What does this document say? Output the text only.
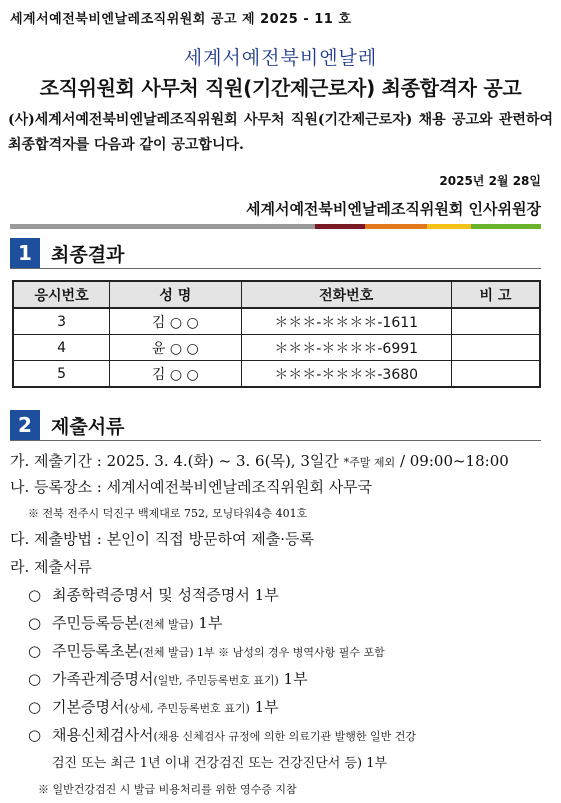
세계서예전북비엔날레조직위원회 공고 제 2025 - 11 호
세계서예전북비엔날레
조직위원회 사무처 직원(기간제근로자) 최종합격자 공고
(사)세계서예전북비엔날레조직위원회 사무처 직원(기간제근로자) 채용 공고와 관련하여 최종합격자를 다음과 같이 공고합니다.
2025년 2월 28일
세계서예전북비엔날레조직위원회 인사위원장
1	최종결과
응시번호	성 명	전화번호	비 고
3	김 ○ ○	＊＊＊-＊＊＊＊-1611	
4	윤 ○ ○	＊＊＊-＊＊＊＊-6991	
5	김 ○ ○	＊＊＊-＊＊＊＊-3680	
2	제출서류
가. 제출기간 : 2025. 3. 4.(화) ~ 3. 6(목), 3일간 *주말 제외 / 09:00~18:00
나. 등록장소 : 세계서예전북비엔날레조직위원회 사무국
※ 전북 전주시 덕진구 백제대로 752, 모닝타워4층 401호
다. 제출방법 : 본인이 직접 방문하여 제출·등록
라. 제출서류
○ 최종학력증명서 및 성적증명서 1부
○ 주민등록등본(전체 발급) 1부
○ 주민등록초본(전체 발급) 1부 ※ 남성의 경우 병역사항 필수 포함
○ 가족관계증명서(일반, 주민등록번호 표기) 1부
○ 기본증명서(상세, 주민등록번호 표기) 1부
○ 채용신체검사서(채용 신체검사 규정에 의한 의료기관 발행한 일반 건강
검진 또는 최근 1년 이내 건강검진 또는 건강진단서 등) 1부
※ 일반건강검진 시 발급 비용처리를 위한 영수증 지참
